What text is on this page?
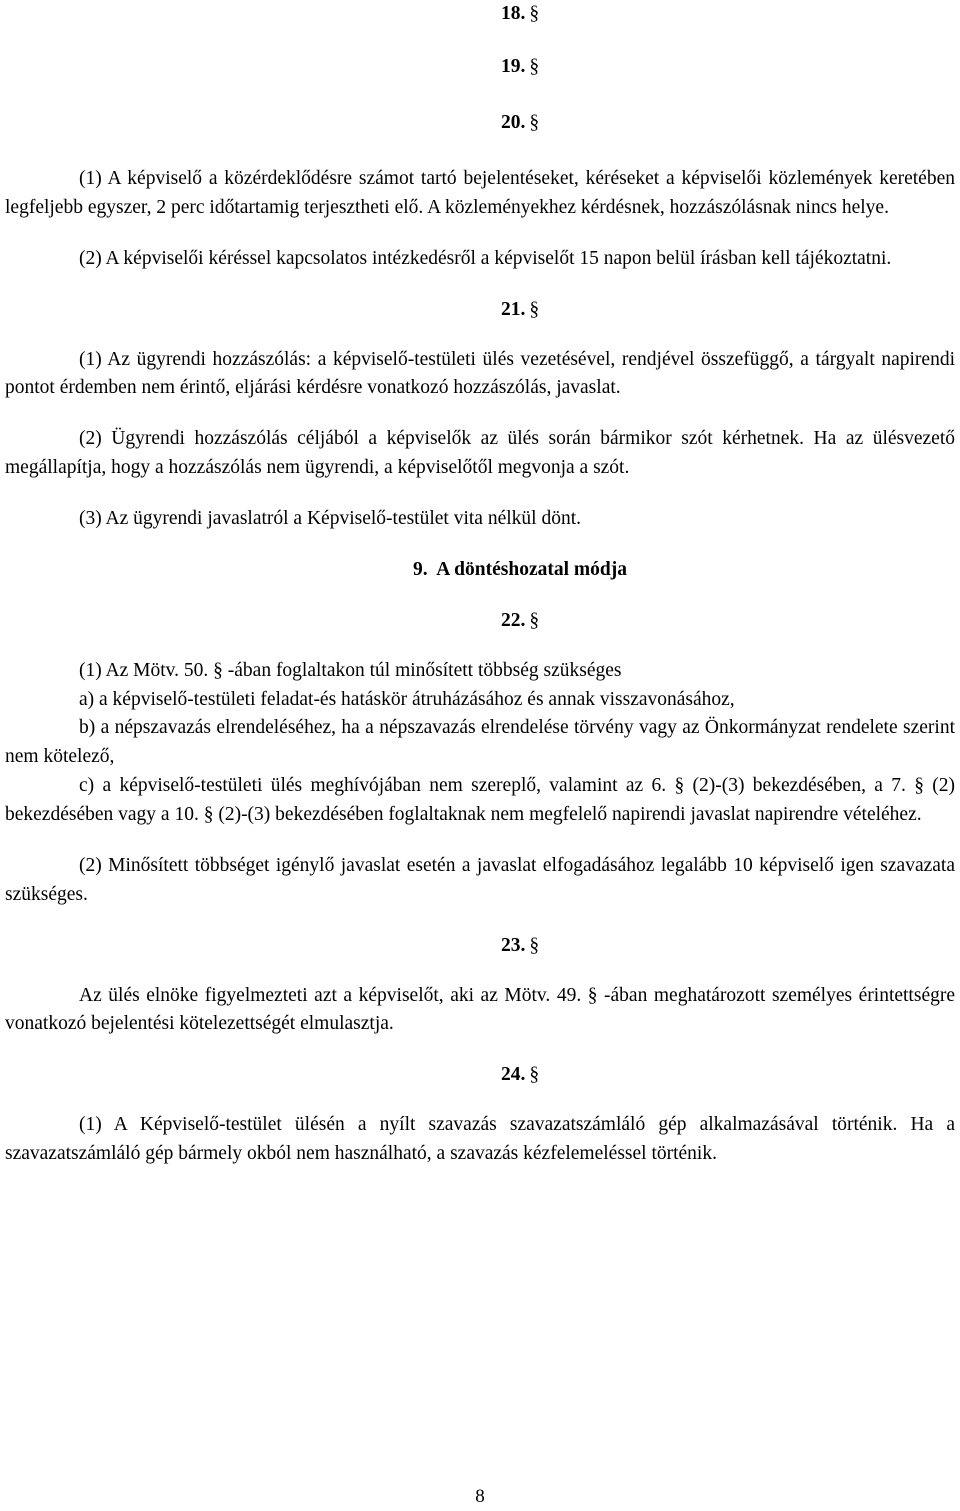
18. §
19. §
20. §

(1) A képviselő a közérdeklődésre számot tartó bejelentéseket, kéréseket a képviselői közlemények keretében legfeljebb egyszer, 2 perc időtartamig terjesztheti elő. A közleményekhez kérdésnek, hozzászólásnak nincs helye.

(2) A képviselői kéréssel kapcsolatos intézkedésről a képviselőt 15 napon belül írásban kell tájékoztatni.

21. §

(1) Az ügyrendi hozzászólás: a képviselő-testületi ülés vezetésével, rendjével összefüggő, a tárgyalt napirendi pontot érdemben nem érintő, eljárási kérdésre vonatkozó hozzászólás, javaslat.

(2) Ügyrendi hozzászólás céljából a képviselők az ülés során bármikor szót kérhetnek. Ha az ülésvezető megállapítja, hogy a hozzászólás nem ügyrendi, a képviselőtől megvonja a szót.

(3) Az ügyrendi javaslatról a Képviselő-testület vita nélkül dönt.

9.  A döntéshozatal módja
22. §

(1) Az Mötv. 50. § -ában foglaltakon túl minősített többség szükséges

a) a képviselő-testületi feladat-és hatáskör átruházásához és annak visszavonásához,

b) a népszavazás elrendeléséhez, ha a népszavazás elrendelése törvény vagy az Önkormányzat rendelete szerint nem kötelező,

c) a képviselő-testületi ülés meghívójában nem szereplő, valamint az 6. § (2)-(3) bekezdésében, a 7. § (2) bekezdésében vagy a 10. § (2)-(3) bekezdésében foglaltaknak nem megfelelő napirendi javaslat napirendre vételéhez.

(2) Minősített többséget igénylő javaslat esetén a javaslat elfogadásához legalább 10 képviselő igen szavazata szükséges.

23. §

Az ülés elnöke figyelmezteti azt a képviselőt, aki az Mötv. 49. § -ában meghatározott személyes érintettségre vonatkozó bejelentési kötelezettségét elmulasztja.

24. §

(1) A Képviselő-testület ülésén a nyílt szavazás szavazatszámláló gép alkalmazásával történik. Ha a szavazatszámláló gép bármely okból nem használható, a szavazás kézfelemeléssel történik.

8
